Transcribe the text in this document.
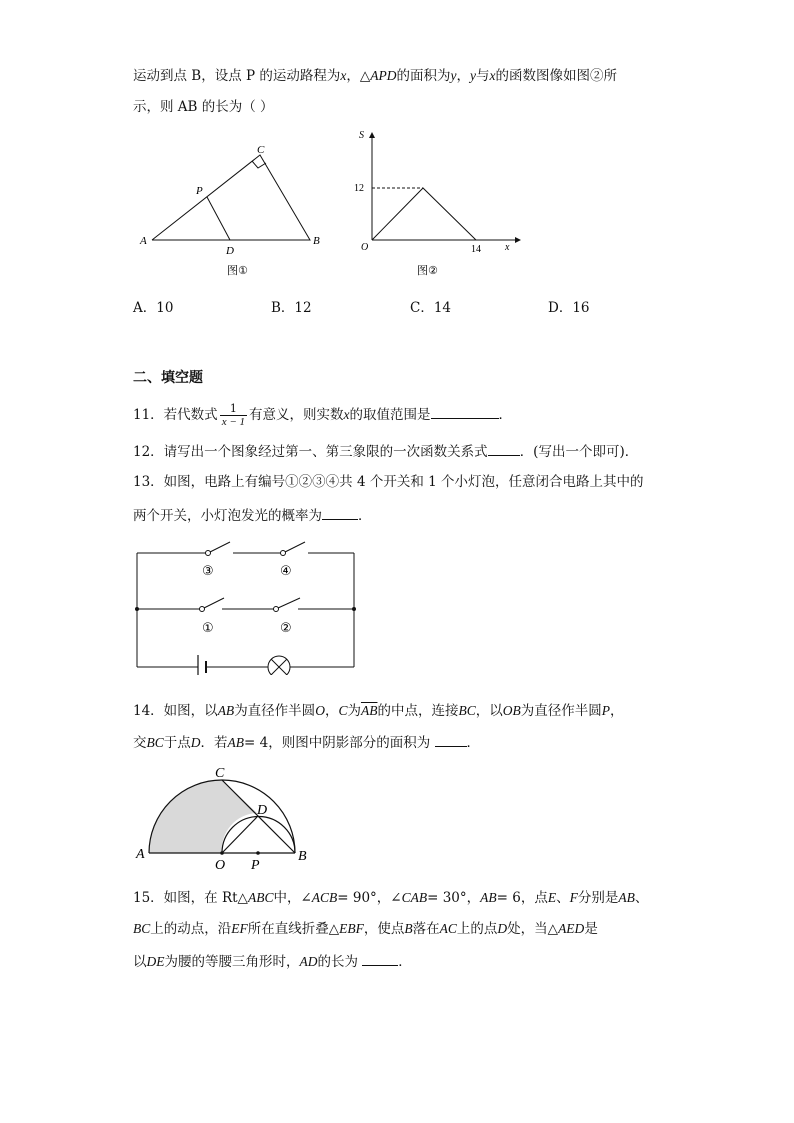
运动到点 B，设点 P 的运动路程为x，△APD的面积为y，y与x的函数图像如图②所
示，则 AB 的长为（ ）
A	B
C
D
P
图①
S
x
O
12
14
图②
A．10	B．12	C．14	D．16
二、填空题
11．若代数式 $\frac{1}{x - 1}$ 有意义，则实数x的取值范围是	．
12．请写出一个图象经过第一、第三象限的一次函数关系式 ．(写出一个即可)．
13．如图，电路上有编号①②③④共 4 个开关和 1 个小灯泡，任意闭合电路上其中的
两个开关，小灯泡发光的概率为	．
③	④
①	②
14．如图，以AB为直径作半圆O，C为$\overline{AB}$的中点，连接BC，以OB为直径作半圆P，
交BC于点D．若AB= 4，则图中阴影部分的面积为	．
A	B
C
D
O P
15．如图，在 Rt△ABC中，∠ACB= 90°，∠CAB= 30°，AB= 6，点E、F分别是AB、
BC上的动点，沿EF所在直线折叠△EBF，使点B落在AC上的点D处，当△AED是
以DE为腰的等腰三角形时，AD的长为	．
